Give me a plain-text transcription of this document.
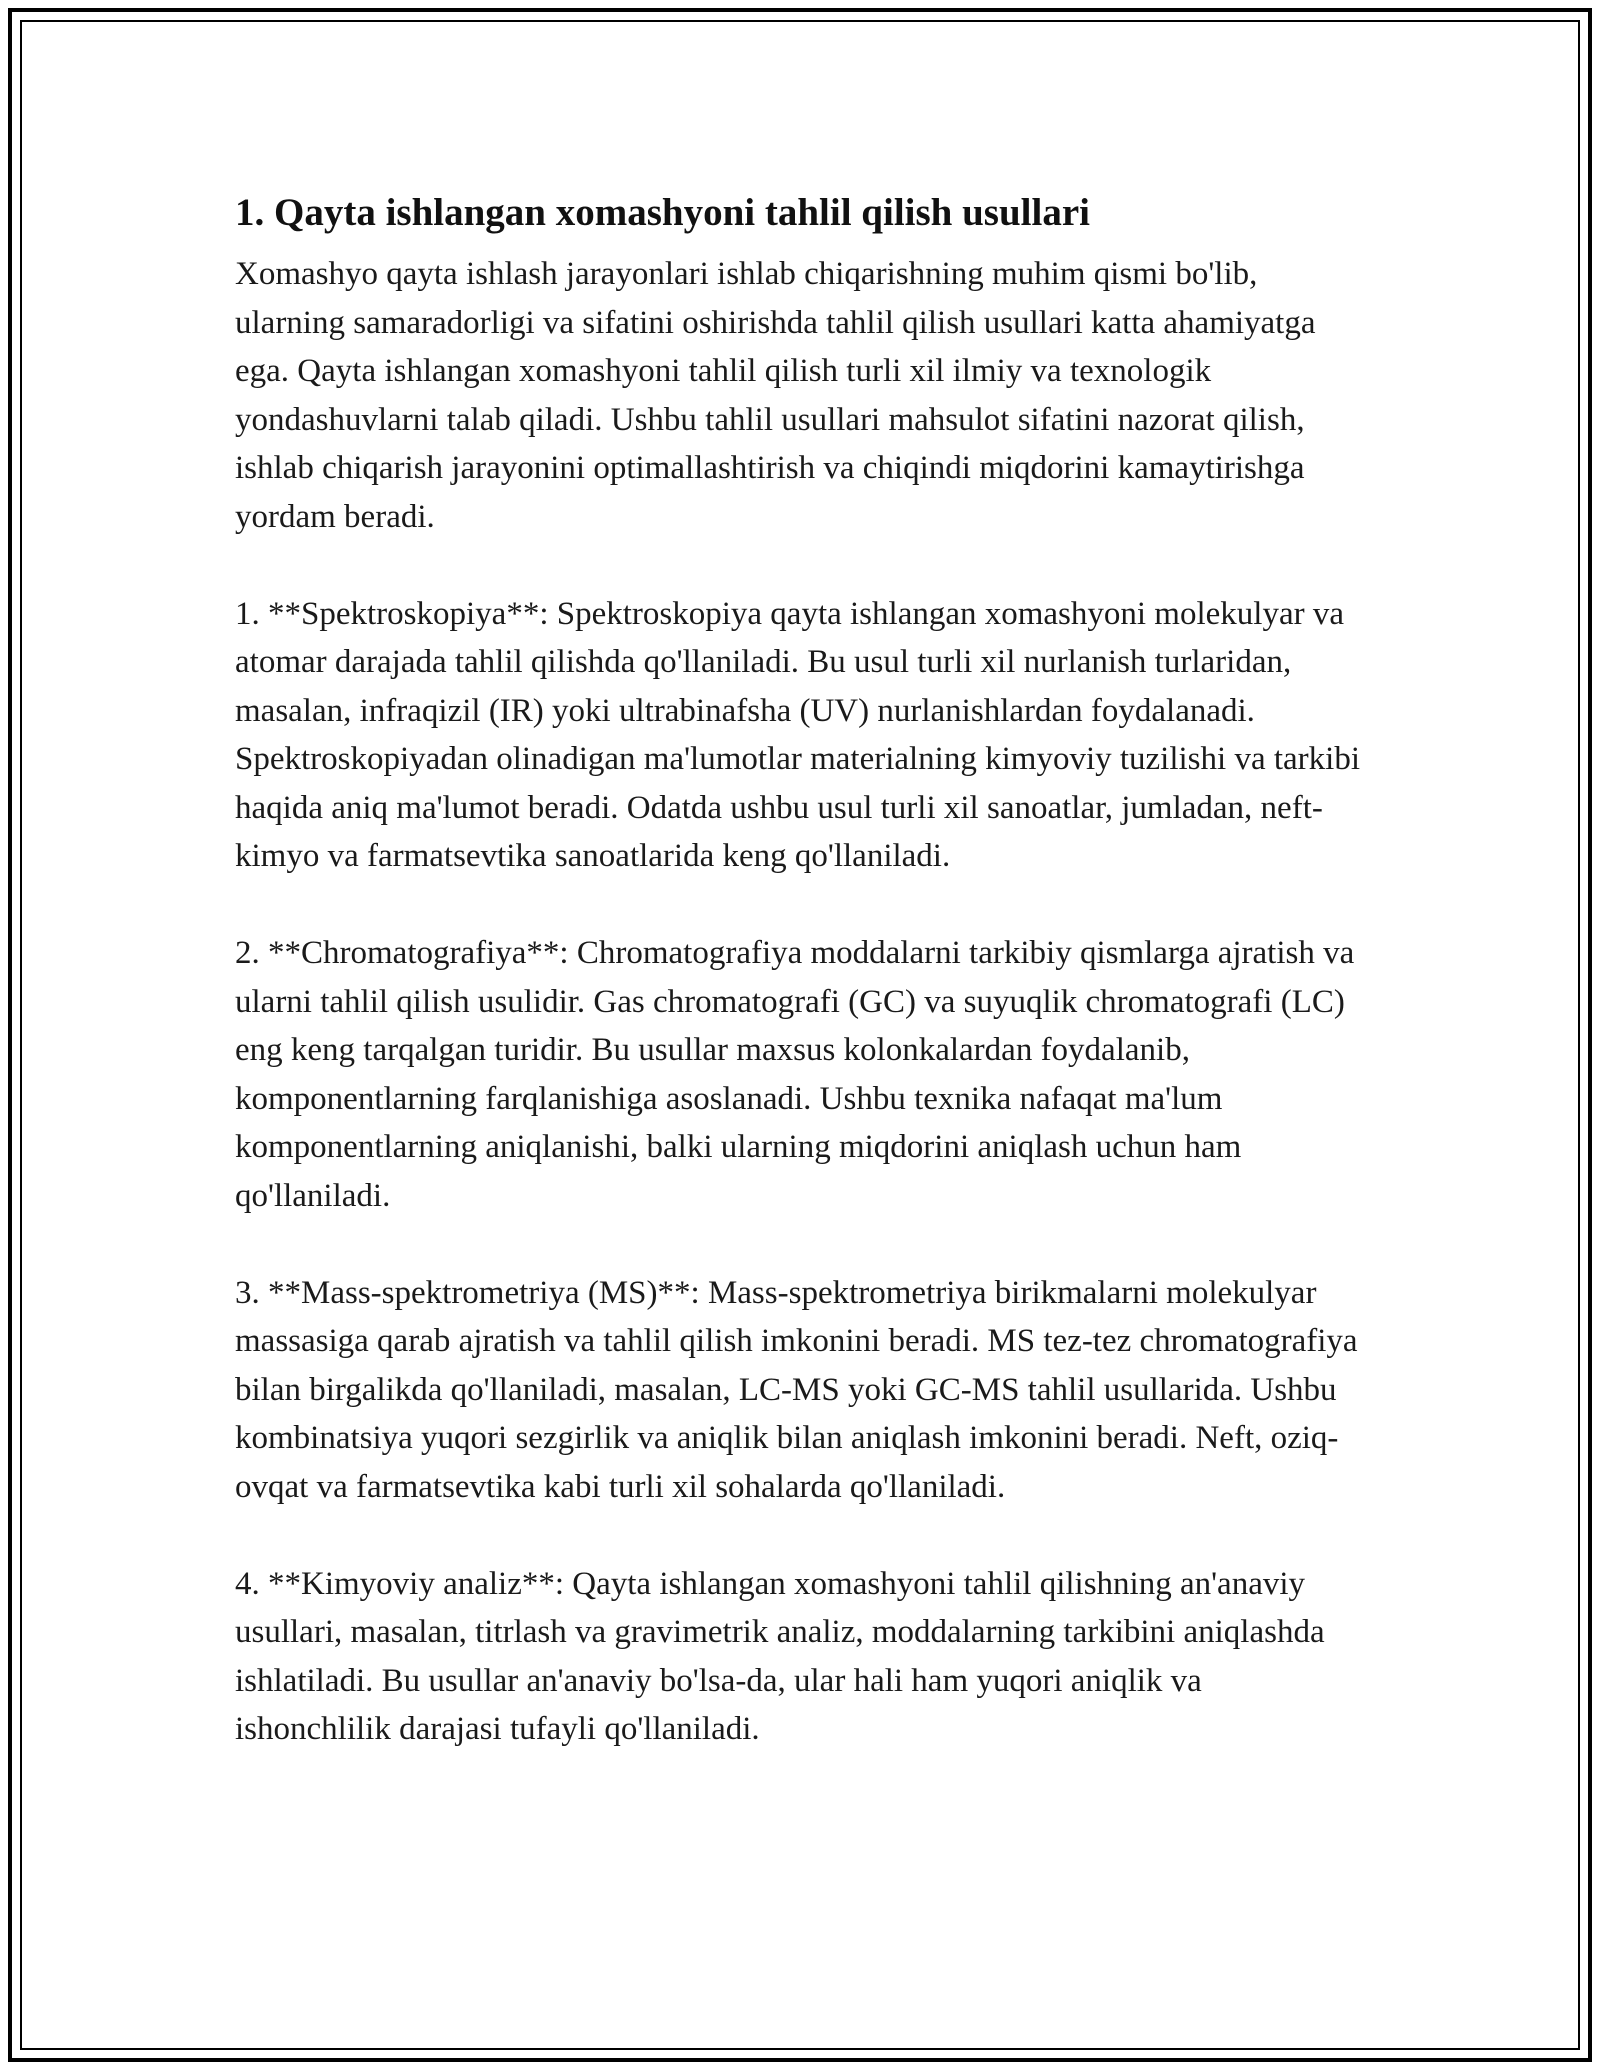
1. Qayta ishlangan xomashyoni tahlil qilish usullari

Xomashyo qayta ishlash jarayonlari ishlab chiqarishning muhim qismi bo'lib, ularning samaradorligi va sifatini oshirishda tahlil qilish usullari katta ahamiyatga ega. Qayta ishlangan xomashyoni tahlil qilish turli xil ilmiy va texnologik yondashuvlarni talab qiladi. Ushbu tahlil usullari mahsulot sifatini nazorat qilish, ishlab chiqarish jarayonini optimallashtirish va chiqindi miqdorini kamaytirishga yordam beradi.

1. **Spektroskopiya**: Spektroskopiya qayta ishlangan xomashyoni molekulyar va atomar darajada tahlil qilishda qo'llaniladi. Bu usul turli xil nurlanish turlaridan, masalan, infraqizil (IR) yoki ultrabinafsha (UV) nurlanishlardan foydalanadi. Spektroskopiyadan olinadigan ma'lumotlar materialning kimyoviy tuzilishi va tarkibi haqida aniq ma'lumot beradi. Odatda ushbu usul turli xil sanoatlar, jumladan, neft-kimyo va farmatsevtika sanoatlarida keng qo'llaniladi.

2. **Chromatografiya**: Chromatografiya moddalarni tarkibiy qismlarga ajratish va ularni tahlil qilish usulidir. Gas chromatografi (GC) va suyuqlik chromatografi (LC) eng keng tarqalgan turidir. Bu usullar maxsus kolonkalardan foydalanib, komponentlarning farqlanishiga asoslanadi. Ushbu texnika nafaqat ma'lum komponentlarning aniqlanishi, balki ularning miqdorini aniqlash uchun ham qo'llaniladi.

3. **Mass-spektrometriya (MS)**: Mass-spektrometriya birikmalarni molekulyar massasiga qarab ajratish va tahlil qilish imkonini beradi. MS tez-tez chromatografiya bilan birgalikda qo'llaniladi, masalan, LC-MS yoki GC-MS tahlil usullarida. Ushbu kombinatsiya yuqori sezgirlik va aniqlik bilan aniqlash imkonini beradi. Neft, oziq-ovqat va farmatsevtika kabi turli xil sohalarda qo'llaniladi.

4. **Kimyoviy analiz**: Qayta ishlangan xomashyoni tahlil qilishning an'anaviy usullari, masalan, titrlash va gravimetrik analiz, moddalarning tarkibini aniqlashda ishlatiladi. Bu usullar an'anaviy bo'lsa-da, ular hali ham yuqori aniqlik va ishonchlilik darajasi tufayli qo'llaniladi.
